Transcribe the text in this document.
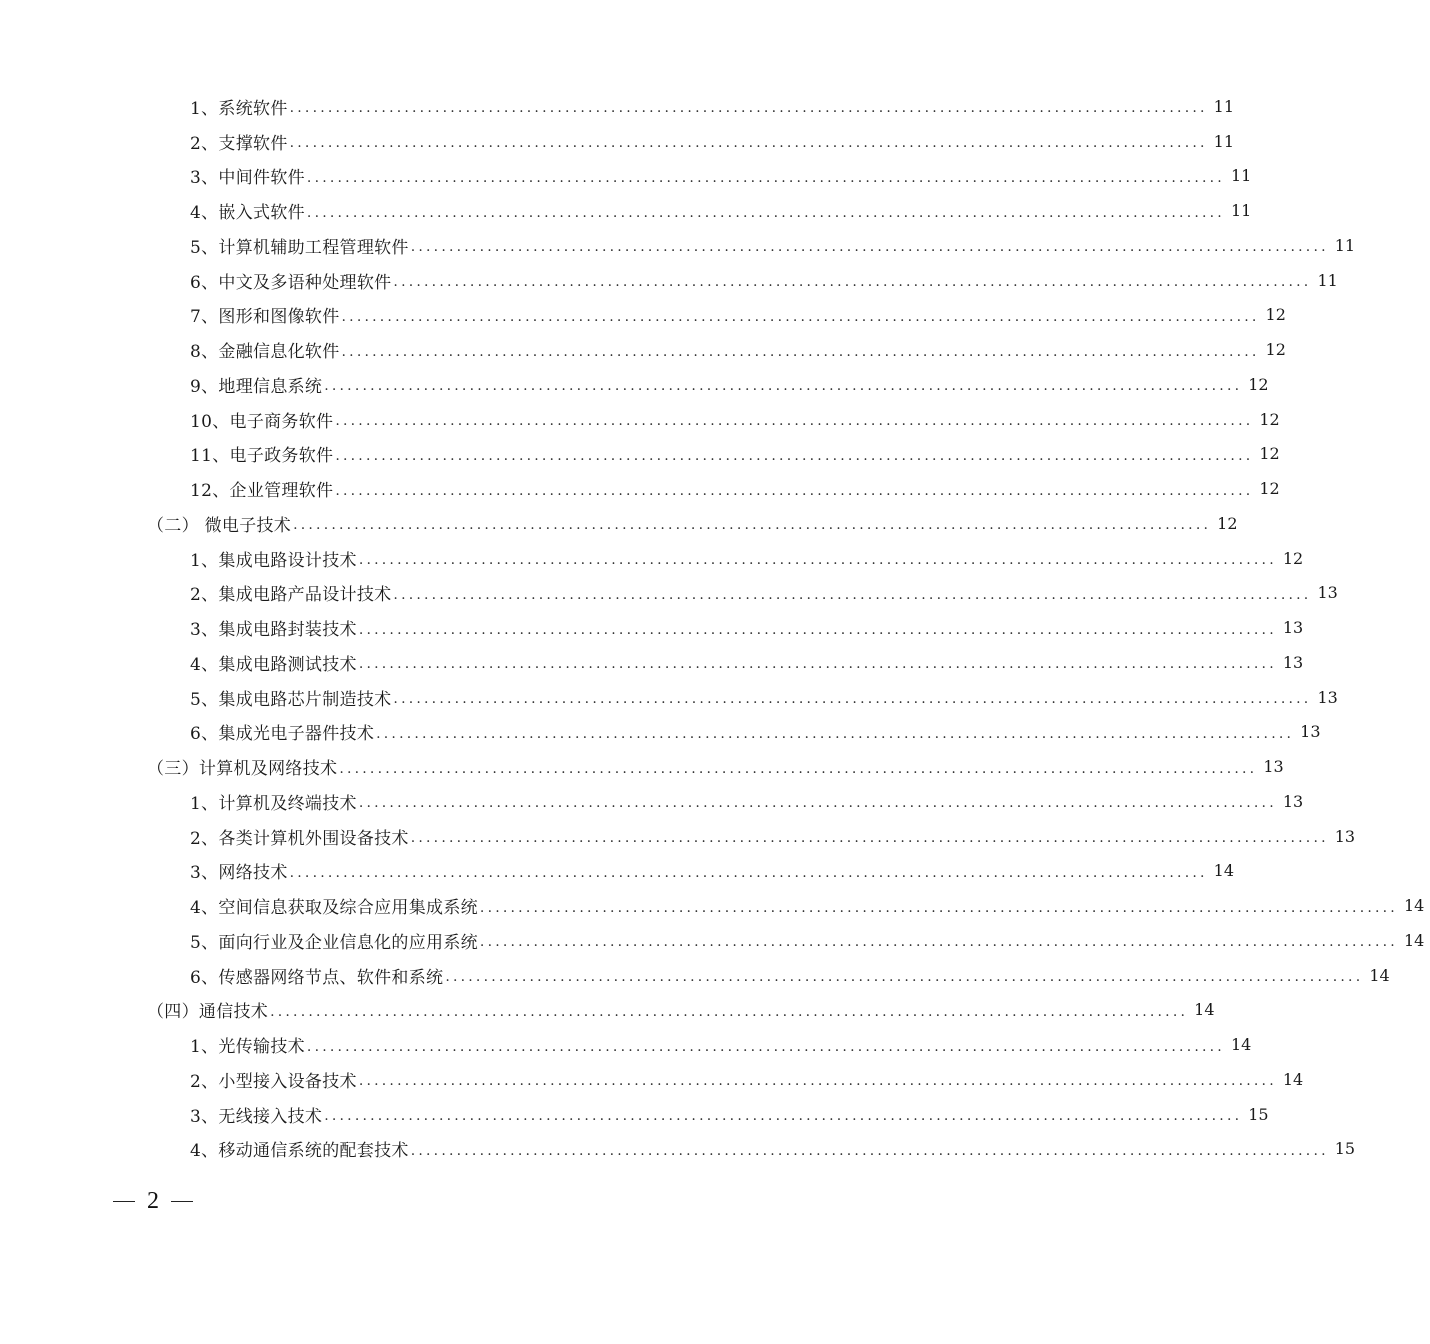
1、系统软件 ........................................................................................................................ 11
2、支撑软件 ........................................................................................................................ 11
3、中间件软件 ........................................................................................................................ 11
4、嵌入式软件 ........................................................................................................................ 11
5、计算机辅助工程管理软件 ........................................................................................................................ 11
6、中文及多语种处理软件 ........................................................................................................................ 11
7、图形和图像软件 ........................................................................................................................ 12
8、金融信息化软件 ........................................................................................................................ 12
9、地理信息系统 ........................................................................................................................ 12
10、电子商务软件 ........................................................................................................................ 12
11、电子政务软件 ........................................................................................................................ 12
12、企业管理软件 ........................................................................................................................ 12
（二） 微电子技术 ........................................................................................................................ 12
1、集成电路设计技术 ........................................................................................................................ 12
2、集成电路产品设计技术 ........................................................................................................................ 13
3、集成电路封装技术 ........................................................................................................................ 13
4、集成电路测试技术 ........................................................................................................................ 13
5、集成电路芯片制造技术 ........................................................................................................................ 13
6、集成光电子器件技术 ........................................................................................................................ 13
（三）计算机及网络技术 ........................................................................................................................ 13
1、计算机及终端技术 ........................................................................................................................ 13
2、各类计算机外围设备技术 ........................................................................................................................ 13
3、网络技术 ........................................................................................................................ 14
4、空间信息获取及综合应用集成系统 ........................................................................................................................ 14
5、面向行业及企业信息化的应用系统 ........................................................................................................................ 14
6、传感器网络节点、软件和系统 ........................................................................................................................ 14
（四）通信技术 ........................................................................................................................ 14
1、光传输技术 ........................................................................................................................ 14
2、小型接入设备技术 ........................................................................................................................ 14
3、无线接入技术 ........................................................................................................................ 15
4、移动通信系统的配套技术 ........................................................................................................................ 15
2
